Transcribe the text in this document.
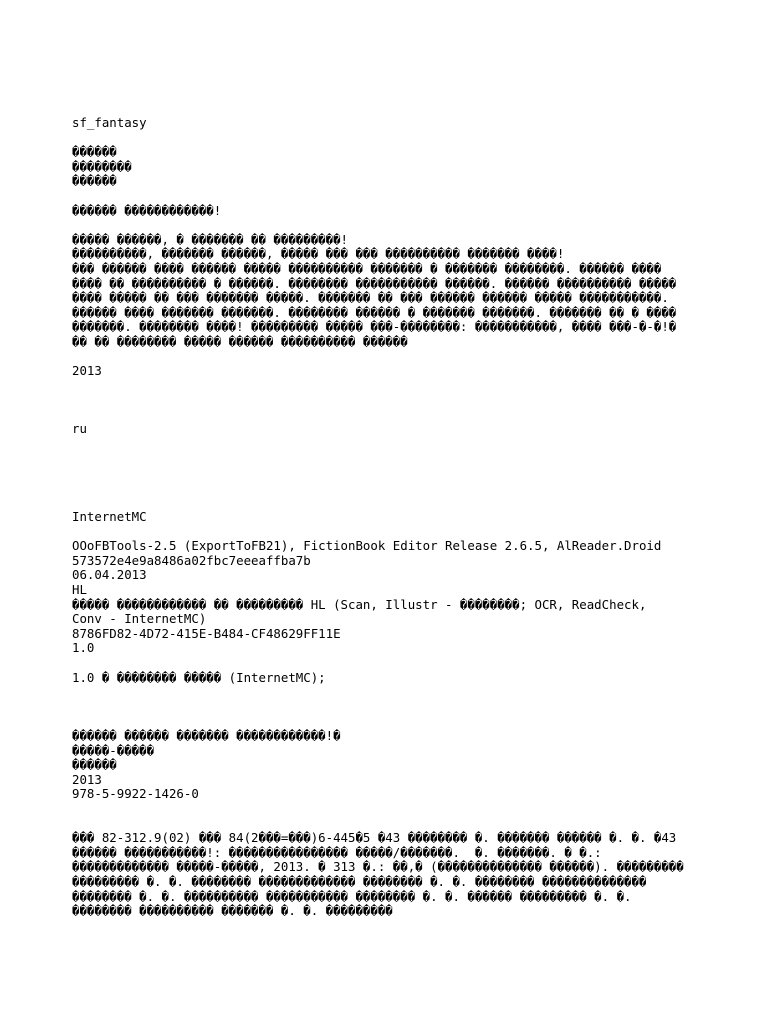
sf_fantasy
������
��������
������
������ ������������!
����� ������, � ������� �� ���������!
����������, ������� ������, ����� ��� ��� ���������� ������� ����!
��� ������ ���� ������ ����� ���������� ������� � ������� ��������. ������ ����
���� �� ���������� � ������. �������� ����������� ������. ������ ���������� �����
���� ����� �� ��� ������� �����. ������� �� ��� ������ ������ ����� �����������.
������ ���� ������� �������. �������� ������ � ������� �������. ������� �� � ����
�������. �������� ����! ��������� ����� ���-��������: �����������, ���� ���-�-�!�
�� �� �������� ����� ������ ���������� ������
2013
ru
InternetMC
OOoFBTools-2.5 (ExportToFB21), FictionBook Editor Release 2.6.5, AlReader.Droid
573572e4e9a8486a02fbc7eeeaffba7b
06.04.2013
HL
����� ������������ �� ��������� HL (Scan, Illustr - ��������; OCR, ReadCheck,
Conv - InternetMC)
8786FD82-4D72-415E-B484-CF48629FF11E
1.0
1.0 � �������� ����� (InternetMC);
������ ������ ������� ������������!�
�����-�����
������
2013
978-5-9922-1426-0
��� 82-312.9(02) ��� 84(2���=���)6-445�5 �43 �������� �. ������� ������ �. �. �43
������ �����������!: ���������������� �����/�������.  �. �������. � �.:
������������� �����-�����, 2013. � 313 �.: ��,� (�������������� ������). ���������
��������� �. �. �������� ������������� �������� �. �. �������� ��������������
�������� �. �. ���������� ����������� �������� �. �. ������ ��������� �. �.
�������� ���������� ������� �. �. ���������
